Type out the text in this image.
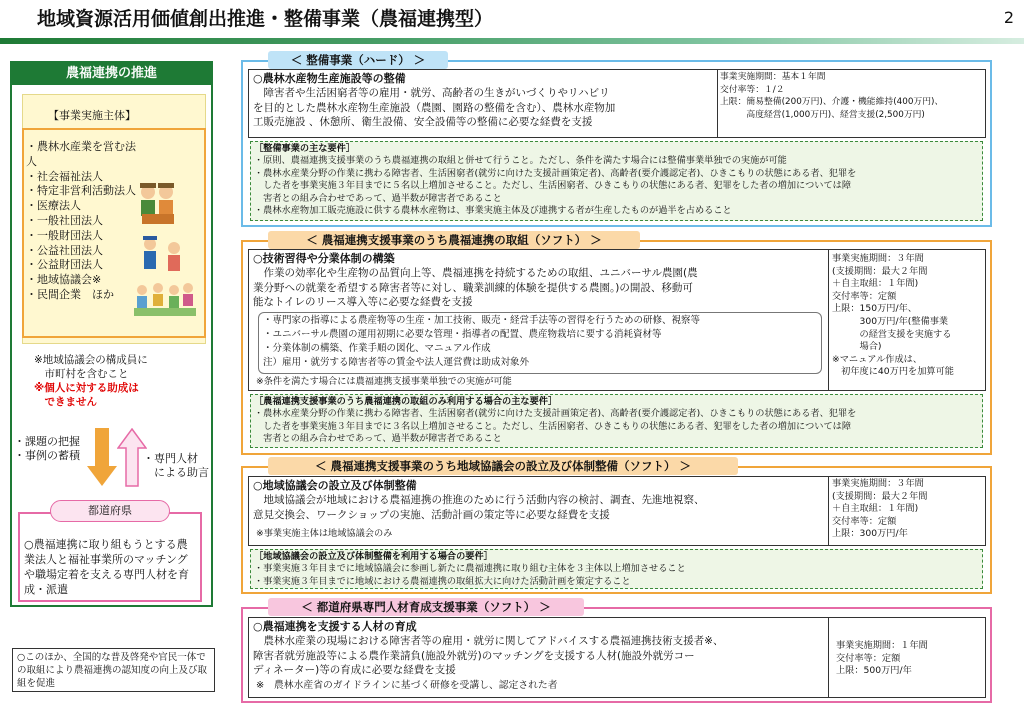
地域資源活用価値創出推進・整備事業（農福連携型）	2
農福連携の推進
【事業実施主体】
・農林水産業を営む法人
・社会福祉法人
・特定非営利活動法人
・医療法人
・一般社団法人
・一般財団法人
・公益社団法人
・公益財団法人
・地域協議会※
・民間企業　ほか
※地域協議会の構成員に
　市町村を含むこと
※個人に対する助成は
　できません
・課題の把握
・事例の蓄積	・専門人材
　による助言
都道府県
○農福連携に取り組もうとする農業法人と福祉事業所のマッチングや職場定着を支える専門人材を育成・派遣
○このほか、全国的な普及啓発や官民一体での取組により農福連携の認知度の向上及び取組を促進
＜ 整備事業（ハード） ＞
○農林水産物生産施設等の整備
　障害者や生活困窮者等の雇用・就労、高齢者の生きがいづくりやリハビリ
を目的とした農林水産物生産施設（農園、園路の整備を含む）、農林水産物加
工販売施設 、休憩所、衛生設備、安全設備等の整備に必要な経費を支援
事業実施期間：基本１年間
交付率等：１/２
上限：簡易整備(200万円)、介護・機能維持(400万円)、
　　　高度経営(1,000万円)、経営支援(2,500万円)
［整備事業の主な要件］
・原則、農福連携支援事業のうち農福連携の取組と併せて行うこと。ただし、条件を満たす場合には整備事業単独での実施が可能
・農林水産業分野の作業に携わる障害者、生活困窮者(就労に向けた支援計画策定者)、高齢者(要介護認定者)、ひきこもりの状態にある者、犯罪を
　した者を事業実施３年目までに５名以上増加させること。ただし、生活困窮者、ひきこもりの状態にある者、犯罪をした者の増加については障
　害者との組み合わせであって、過半数が障害者であること
・農林水産物加工販売施設に供する農林水産物は、事業実施主体及び連携する者が生産したものが過半を占めること
＜ 農福連携支援事業のうち農福連携の取組（ソフト） ＞
○技術習得や分業体制の構築
　作業の効率化や生産物の品質向上等、農福連携を持続するための取組、ユニバーサル農園(農
業分野への就業を希望する障害者等に対し、職業訓練的体験を提供する農園。)の開設、移動可
能なトイレのリース導入等に必要な経費を支援
・専門家の指導による農産物等の生産・加工技術、販売・経営手法等の習得を行うための研修、視察等
・ユニバーサル農園の運用初期に必要な管理・指導者の配置、農産物栽培に要する消耗資材等
・分業体制の構築、作業手順の図化、マニュアル作成
注）雇用・就労する障害者等の賃金や法人運営費は助成対象外
※条件を満たす場合には農福連携支援事業単独での実施が可能
事業実施期間：３年間
(支援期間：最大２年間
＋自主取組：１年間)
交付率等：定額
上限：150万円/年、
　　　300万円/年(整備事業
　　　の経営支援を実施する
　　　場合)
※マニュアル作成は、
　初年度に40万円を加算可能
［農福連携支援事業のうち農福連携の取組のみ利用する場合の主な要件］
・農林水産業分野の作業に携わる障害者、生活困窮者(就労に向けた支援計画策定者)、高齢者(要介護認定者)、ひきこもりの状態にある者、犯罪を
　した者を事業実施３年目までに３名以上増加させること。ただし、生活困窮者、ひきこもりの状態にある者、犯罪をした者の増加については障
　害者との組み合わせであって、過半数が障害者であること
＜ 農福連携支援事業のうち地域協議会の設立及び体制整備（ソフト） ＞
○地域協議会の設立及び体制整備
　地域協議会が地域における農福連携の推進のために行う活動内容の検討、調査、先進地視察、
意見交換会、ワークショップの実施、活動計画の策定等に必要な経費を支援
※事業実施主体は地域協議会のみ
事業実施期間：３年間
(支援期間：最大２年間
＋自主取組：１年間)
交付率等：定額
上限：300万円/年
［地域協議会の設立及び体制整備を利用する場合の要件］
・事業実施３年目までに地域協議会に参画し新たに農福連携に取り組む主体を３主体以上増加させること
・事業実施３年目までに地域における農福連携の取組拡大に向けた活動計画を策定すること
＜ 都道府県専門人材育成支援事業（ソフト） ＞
○農福連携を支援する人材の育成
　農林水産業の現場における障害者等の雇用・就労に関してアドバイスする農福連携技術支援者※、
障害者就労施設等による農作業請負(施設外就労)のマッチングを支援する人材(施設外就労コー
ディネーター)等の育成に必要な経費を支援
※　農林水産省のガイドラインに基づく研修を受講し、認定された者
事業実施期間：１年間
交付率等：定額
上限：500万円/年
